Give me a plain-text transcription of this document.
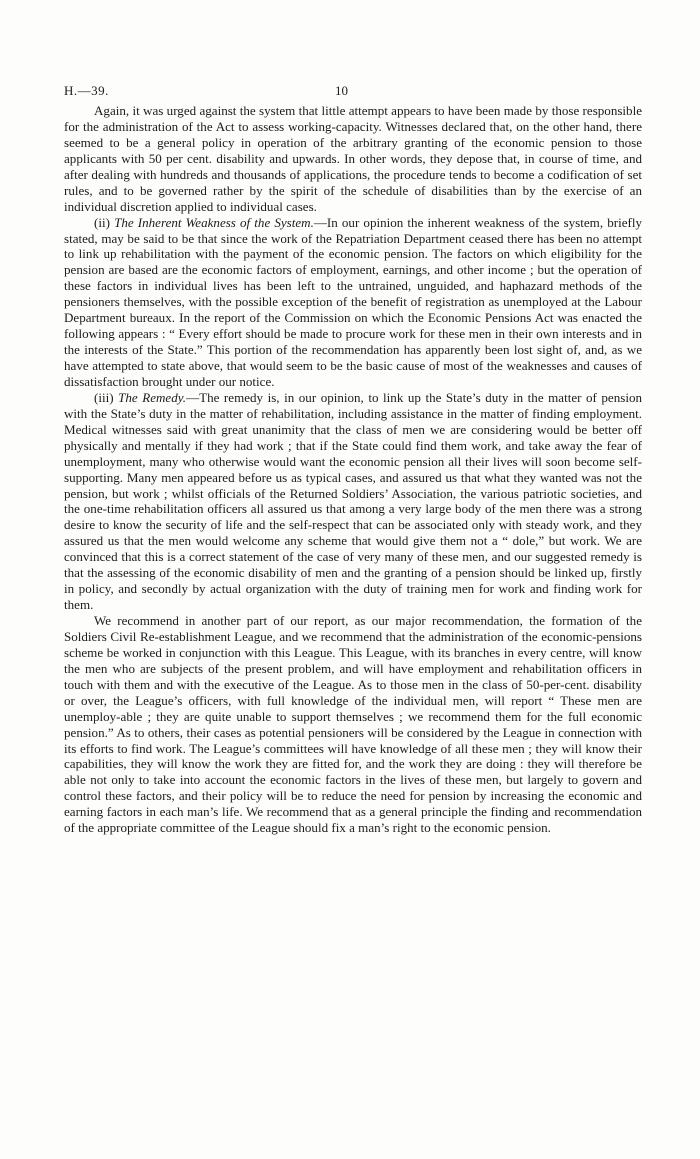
H.—39.	10

Again, it was urged against the system that little attempt appears to have been made by those responsible for the administration of the Act to assess working-capacity. Witnesses declared that, on the other hand, there seemed to be a general policy in operation of the arbitrary granting of the economic pension to those applicants with 50 per cent. disability and upwards. In other words, they depose that, in course of time, and after dealing with hundreds and thousands of applications, the procedure tends to become a codification of set rules, and to be governed rather by the spirit of the schedule of disabilities than by the exercise of an individual discretion applied to individual cases.

(ii) The Inherent Weakness of the System.—In our opinion the inherent weakness of the system, briefly stated, may be said to be that since the work of the Repatriation Department ceased there has been no attempt to link up rehabilitation with the payment of the economic pension. The factors on which eligibility for the pension are based are the economic factors of employment, earnings, and other income ; but the operation of these factors in individual lives has been left to the untrained, unguided, and haphazard methods of the pensioners themselves, with the possible exception of the benefit of registration as unemployed at the Labour Department bureaux. In the report of the Commission on which the Economic Pensions Act was enacted the following appears : “ Every effort should be made to procure work for these men in their own interests and in the interests of the State.” This portion of the recommendation has apparently been lost sight of, and, as we have attempted to state above, that would seem to be the basic cause of most of the weaknesses and causes of dissatisfaction brought under our notice.

(iii) The Remedy.—The remedy is, in our opinion, to link up the State’s duty in the matter of pension with the State’s duty in the matter of rehabilitation, including assistance in the matter of finding employment. Medical witnesses said with great unanimity that the class of men we are considering would be better off physically and mentally if they had work ; that if the State could find them work, and take away the fear of unemployment, many who otherwise would want the economic pension all their lives will soon become self-supporting. Many men appeared before us as typical cases, and assured us that what they wanted was not the pension, but work ; whilst officials of the Returned Soldiers’ Association, the various patriotic societies, and the one-time rehabilitation officers all assured us that among a very large body of the men there was a strong desire to know the security of life and the self-respect that can be associated only with steady work, and they assured us that the men would welcome any scheme that would give them not a “ dole,” but work. We are convinced that this is a correct statement of the case of very many of these men, and our suggested remedy is that the assessing of the economic disability of men and the granting of a pension should be linked up, firstly in policy, and secondly by actual organization with the duty of training men for work and finding work for them.

We recommend in another part of our report, as our major recommendation, the formation of the Soldiers Civil Re-establishment League, and we recommend that the administration of the economic-pensions scheme be worked in conjunction with this League. This League, with its branches in every centre, will know the men who are subjects of the present problem, and will have employment and rehabilitation officers in touch with them and with the executive of the League. As to those men in the class of 50-per-cent. disability or over, the League’s officers, with full knowledge of the individual men, will report “ These men are unemploy-able ; they are quite unable to support themselves ; we recommend them for the full economic pension.” As to others, their cases as potential pensioners will be considered by the League in connection with its efforts to find work. The League’s committees will have knowledge of all these men ; they will know their capabilities, they will know the work they are fitted for, and the work they are doing : they will therefore be able not only to take into account the economic factors in the lives of these men, but largely to govern and control these factors, and their policy will be to reduce the need for pension by increasing the economic and earning factors in each man’s life. We recommend that as a general principle the finding and recommendation of the appropriate committee of the League should fix a man’s right to the economic pension.
